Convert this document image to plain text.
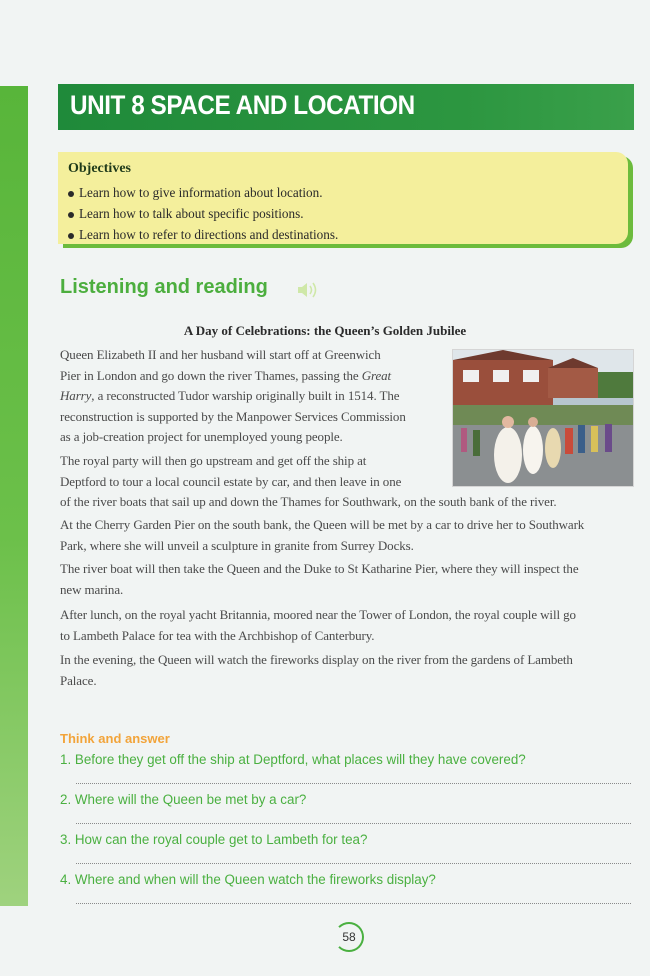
UNIT 8 SPACE AND LOCATION
Objectives
Learn how to give information about location.
Learn how to talk about specific positions.
Learn how to refer to directions and destinations.
Listening and reading
A Day of Celebrations: the Queen’s Golden Jubilee
Queen Elizabeth II and her husband will start off at Greenwich
Pier in London and go down the river Thames, passing the Great
Harry, a reconstructed Tudor warship originally built in 1514. The
reconstruction is supported by the Manpower Services Commission
as a job-creation project for unemployed young people.
The royal party will then go upstream and get off the ship at
Deptford to tour a local council estate by car, and then leave in one
of the river boats that sail up and down the Thames for Southwark, on the south bank of the river.
At the Cherry Garden Pier on the south bank, the Queen will be met by a car to drive her to Southwark
Park, where she will unveil a sculpture in granite from Surrey Docks.
The river boat will then take the Queen and the Duke to St Katharine Pier, where they will inspect the
new marina.
After lunch, on the royal yacht Britannia, moored near the Tower of London, the royal couple will go
to Lambeth Palace for tea with the Archbishop of Canterbury.
In the evening, the Queen will watch the fireworks display on the river from the gardens of Lambeth
Palace.
Think and answer
1. Before they get off the ship at Deptford, what places will they have covered?
2. Where will the Queen be met by a car?
3. How can the royal couple get to Lambeth for tea?
4. Where and when will the Queen watch the fireworks display?
58
